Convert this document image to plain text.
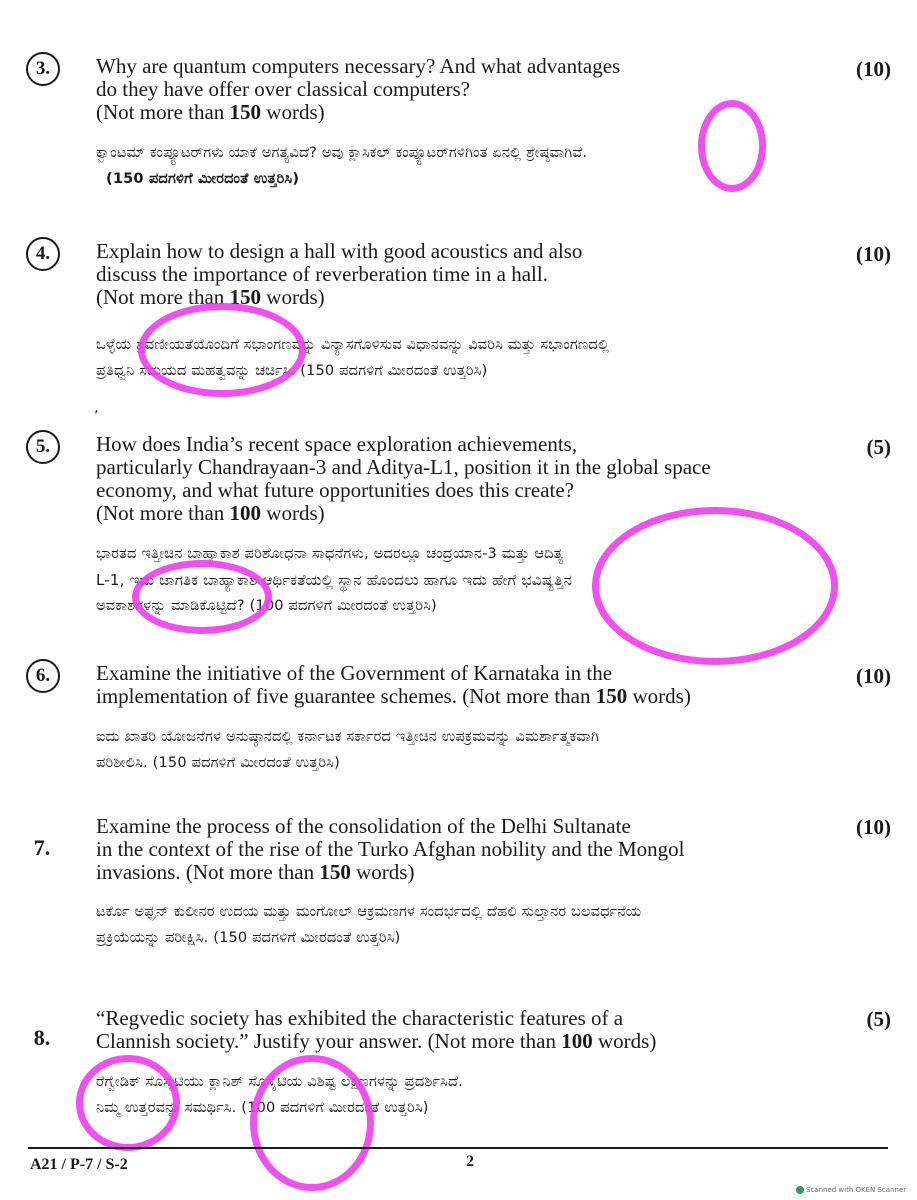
3.	(10)
Why are quantum computers necessary? And what advantages
do they have offer over classical computers?
(Not more than 150 words)
ಕ್ವಾಂಟಮ್ ಕಂಪ್ಯೂಟರ್‌ಗಳು ಯಾಕೆ ಅಗತ್ಯವಿದೆ? ಅವು ಕ್ಲಾಸಿಕಲ್ ಕಂಪ್ಯೂಟರ್‌ಗಳಿಗಿಂತ ಏನಲ್ಲಿ ಶ್ರೇಷ್ಠವಾಗಿವೆ.
(150 ಪದಗಳಿಗೆ ಮೀರದಂತೆ ಉತ್ತರಿಸಿ)
4.	(10)
Explain how to design a hall with good acoustics and also
discuss the importance of reverberation time in a hall.
(Not more than 150 words)
ಒಳ್ಳೆಯ ಶ್ರವಣೀಯತೆಯೊಂದಿಗೆ ಸಭಾಂಗಣವನ್ನು ವಿನ್ಯಾಸಗೊಳಿಸುವ ವಿಧಾನವನ್ನು ವಿವರಿಸಿ ಮತ್ತು ಸಭಾಂಗಣದಲ್ಲಿ
ಪ್ರತಿಧ್ವನಿ ಸಮಯದ ಮಹತ್ವವನ್ನು ಚರ್ಚಿಸಿ. (150 ಪದಗಳಿಗೆ ಮೀರದಂತೆ ಉತ್ತರಿಸಿ)
‚
5.	(5)
How does India’s recent space exploration achievements,
particularly Chandrayaan-3 and Aditya-L1, position it in the global space
economy, and what future opportunities does this create?
(Not more than 100 words)
ಭಾರತದ ಇತ್ತೀಚಿನ ಬಾಹ್ಯಾಕಾಶ ಪರಿಶೋಧನಾ ಸಾಧನೆಗಳು, ಅದರಲ್ಲೂ ಚಂದ್ರಯಾನ-3 ಮತ್ತು ಆದಿತ್ಯ
L-1, ಇದು ಜಾಗತಿಕ ಬಾಹ್ಯಾಕಾಶ ಆರ್ಥಿಕತೆಯಲ್ಲಿ ಸ್ಥಾನ ಹೊಂದಲು ಹಾಗೂ ಇದು ಹೇಗೆ ಭವಿಷ್ಯತ್ತಿನ
ಅವಕಾಶಗಳನ್ನು ಮಾಡಿಕೊಟ್ಟಿದೆ? (100 ಪದಗಳಿಗೆ ಮೀರದಂತೆ ಉತ್ತರಿಸಿ)
6.	(10)
Examine the initiative of the Government of Karnataka in the
implementation of five guarantee schemes. (Not more than 150 words)
ಐದು ಖಾತರಿ ಯೋಜನೆಗಳ ಅನುಷ್ಠಾನದಲ್ಲಿ ಕರ್ನಾಟಕ ಸರ್ಕಾರದ ಇತ್ತೀಚಿನ ಉಪಕ್ರಮವನ್ನು ವಿಮರ್ಶಾತ್ಮಕವಾಗಿ
ಪರಿಶೀಲಿಸಿ. (150 ಪದಗಳಿಗೆ ಮೀರದಂತೆ ಉತ್ತರಿಸಿ)
7.
(10)
Examine the process of the consolidation of the Delhi Sultanate
in the context of the rise of the Turko Afghan nobility and the Mongol
invasions. (Not more than 150 words)
ಟರ್ಕೊ ಅಫ್ಘನ್ ಕುಲೀನರ ಉದಯ ಮತ್ತು ಮಂಗೋಲ್ ಆಕ್ರಮಣಗಳ ಸಂದರ್ಭದಲ್ಲಿ ದೆಹಲಿ ಸುಲ್ತಾನರ ಬಲವರ್ಧನೆಯ
ಪ್ರಕ್ರಿಯೆಯನ್ನು ಪರೀಕ್ಷಿಸಿ. (150 ಪದಗಳಿಗೆ ಮೀರದಂತೆ ಉತ್ತರಿಸಿ)
8.
(5)
“Regvedic society has exhibited the characteristic features of a
Clannish society.” Justify your answer. (Not more than 100 words)
ರೆಗ್ವೇಡಿಕ್ ಸೊಸೈಟಿಯು ಕ್ಲಾನಿಶ್ ಸೊಸೈಟಿಯ ವಿಶಿಷ್ಟ ಲಕ್ಷಣಗಳನ್ನು ಪ್ರದರ್ಶಿಸಿದೆ.
ನಿಮ್ಮ ಉತ್ತರವನ್ನು ಸಮರ್ಥಿಸಿ. (100 ಪದಗಳಿಗೆ ಮೀರದಂತೆ ಉತ್ತರಿಸಿ)
A21 / P-7 / S-2	2
Scanned with OKEN Scanner
